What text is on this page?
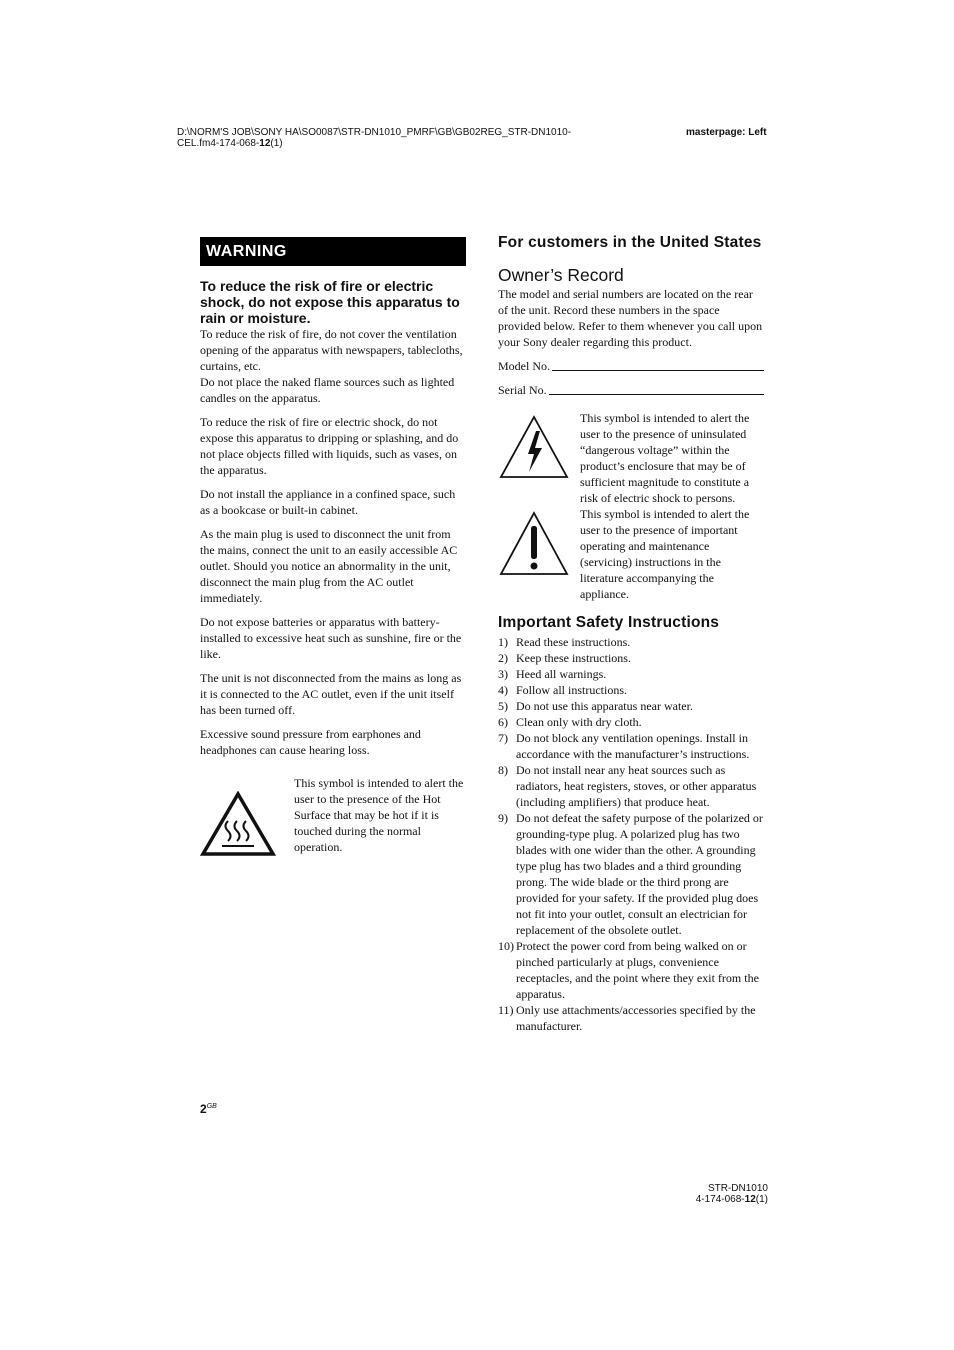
D:\NORM'S JOB\SONY HA\SO0087\STR-DN1010_PMRF\GB\GB02REG_STR-DN1010-
CEL.fm4-174-068-12(1)
masterpage: Left
WARNING
To reduce the risk of fire or electric shock, do not expose this apparatus to rain or moisture.

To reduce the risk of fire, do not cover the ventilation opening of the apparatus with newspapers, tablecloths, curtains, etc.

Do not place the naked flame sources such as lighted candles on the apparatus.

To reduce the risk of fire or electric shock, do not expose this apparatus to dripping or splashing, and do not place objects filled with liquids, such as vases, on the apparatus.

Do not install the appliance in a confined space, such as a bookcase or built-in cabinet.

As the main plug is used to disconnect the unit from the mains, connect the unit to an easily accessible AC outlet. Should you notice an abnormality in the unit, disconnect the main plug from the AC outlet immediately.

Do not expose batteries or apparatus with battery-installed to excessive heat such as sunshine, fire or the like.

The unit is not disconnected from the mains as long as it is connected to the AC outlet, even if the unit itself has been turned off.

Excessive sound pressure from earphones and headphones can cause hearing loss.

This symbol is intended to alert the user to the presence of the Hot Surface that may be hot if it is touched during the normal operation.
For customers in the United States
Owner’s Record

The model and serial numbers are located on the rear of the unit. Record these numbers in the space provided below. Refer to them whenever you call upon your Sony dealer regarding this product.

Model No.
Serial No.
This symbol is intended to alert the user to the presence of uninsulated “dangerous voltage” within the product’s enclosure that may be of sufficient magnitude to constitute a risk of electric shock to persons.
This symbol is intended to alert the user to the presence of important operating and maintenance (servicing) instructions in the literature accompanying the appliance.
Important Safety Instructions
1) Read these instructions.
2) Keep these instructions.
3) Heed all warnings.
4) Follow all instructions.
5) Do not use this apparatus near water.
6) Clean only with dry cloth.
7) Do not block any ventilation openings. Install in accordance with the manufacturer’s instructions.
8) Do not install near any heat sources such as radiators, heat registers, stoves, or other apparatus (including amplifiers) that produce heat.
9) Do not defeat the safety purpose of the polarized or grounding-type plug. A polarized plug has two blades with one wider than the other. A grounding type plug has two blades and a third grounding prong. The wide blade or the third prong are provided for your safety. If the provided plug does not fit into your outlet, consult an electrician for replacement of the obsolete outlet.
10) Protect the power cord from being walked on or pinched particularly at plugs, convenience receptacles, and the point where they exit from the apparatus.
11) Only use attachments/accessories specified by the manufacturer.
$2^{GB}$
STR-DN1010
4-174-068-12(1)
